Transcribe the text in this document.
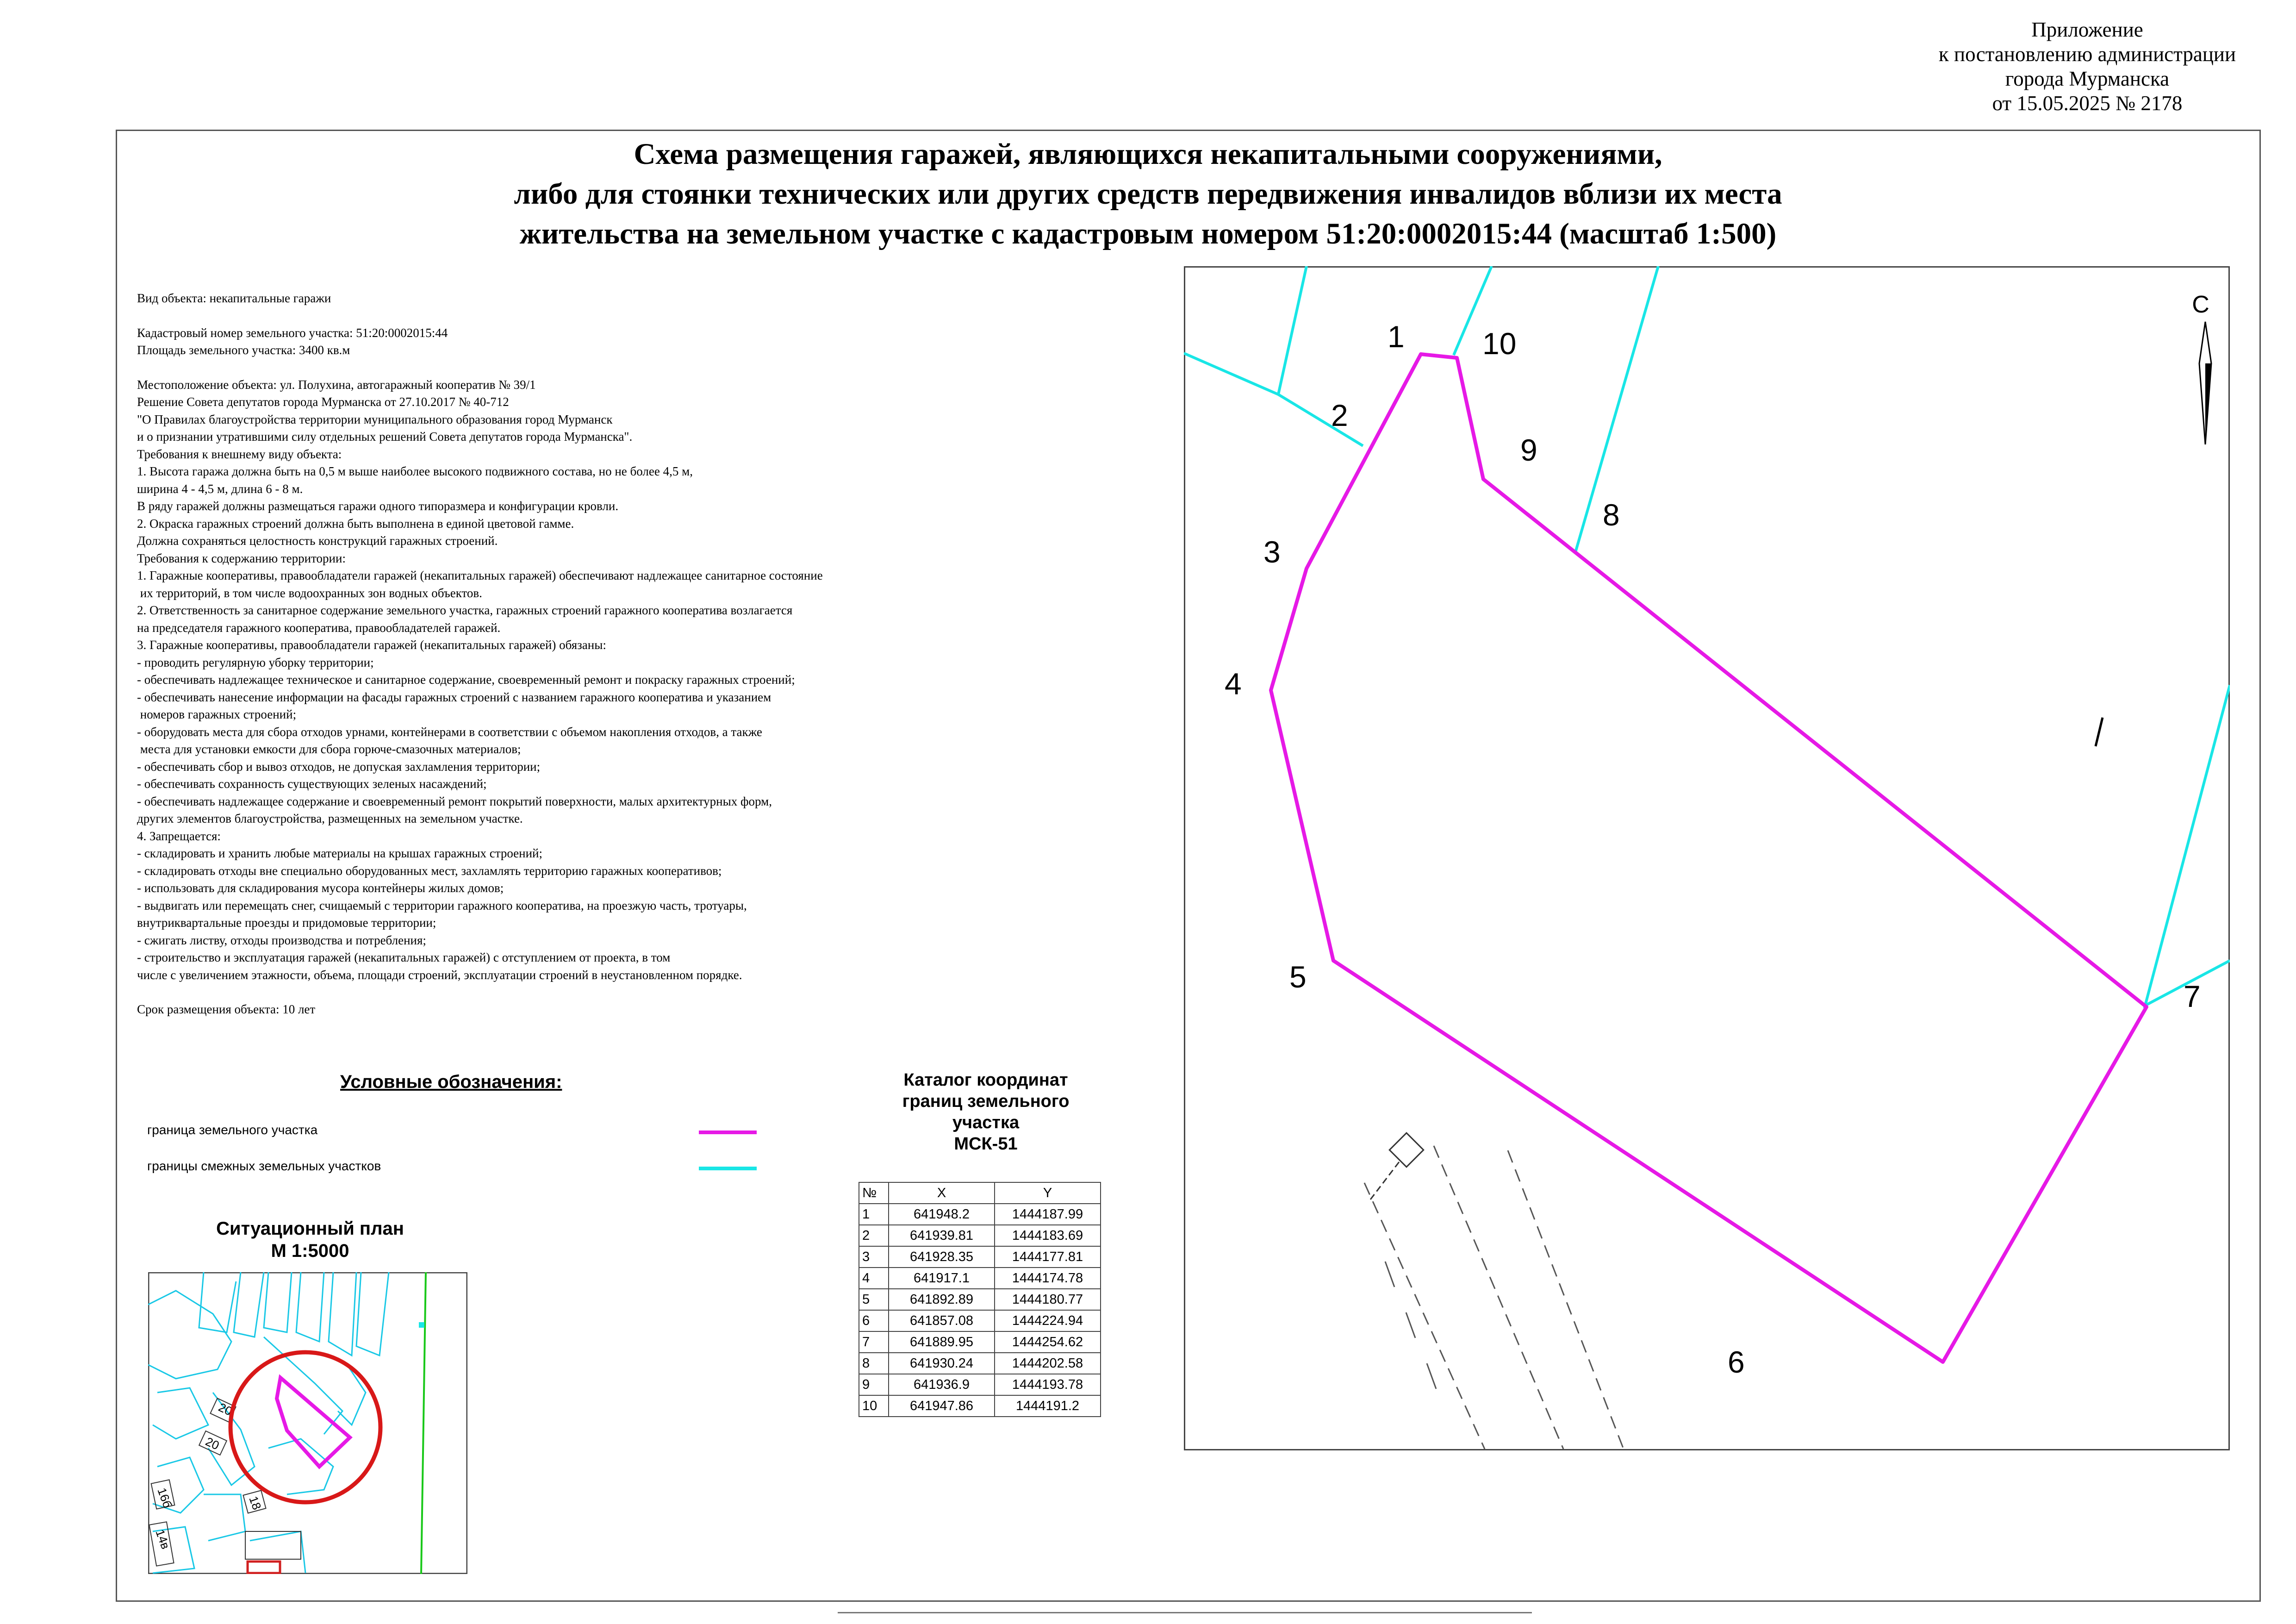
Приложение
к постановлению администрации
города Мурманска
от 15.05.2025 № 2178
Схема размещения гаражей, являющихся некапитальными сооружениями,
либо для стоянки технических или других средств передвижения инвалидов вблизи их места
жительства на земельном участке с кадастровым номером 51:20:0002015:44 (масштаб 1:500)
Вид объекта: некапитальные гаражи
Кадастровый номер земельного участка: 51:20:0002015:44
Площадь земельного участка: 3400 кв.м
Местоположение объекта: ул. Полухина, автогаражный кооператив № 39/1
Решение Совета депутатов города Мурманска от 27.10.2017 № 40-712
"О Правилах благоустройства территории муниципального образования город Мурманск
и о признании утратившими силу отдельных решений Совета депутатов города Мурманска".
Требования к внешнему виду объекта:
1. Высота гаража должна быть на 0,5 м выше наиболее высокого подвижного состава, но не более 4,5 м,
ширина 4 - 4,5 м, длина 6 - 8 м.
В ряду гаражей должны размещаться гаражи одного типоразмера и конфигурации кровли.
2. Окраска гаражных строений должна быть выполнена в единой цветовой гамме.
Должна сохраняться целостность конструкций гаражных строений.
Требования к содержанию территории:
1. Гаражные кооперативы, правообладатели гаражей (некапитальных гаражей) обеспечивают надлежащее санитарное состояние
их территорий, в том числе водоохранных зон водных объектов.
2. Ответственность за санитарное содержание земельного участка, гаражных строений гаражного кооператива возлагается
на председателя гаражного кооператива, правообладателей гаражей.
3. Гаражные кооперативы, правообладатели гаражей (некапитальных гаражей) обязаны:
- проводить регулярную уборку территории;
- обеспечивать надлежащее техническое и санитарное содержание, своевременный ремонт и покраску гаражных строений;
- обеспечивать нанесение информации на фасады гаражных строений с названием гаражного кооператива и указанием
номеров гаражных строений;
- оборудовать места для сбора отходов урнами, контейнерами в соответствии с объемом накопления отходов, а также
места для установки емкости для сбора горюче-смазочных материалов;
- обеспечивать сбор и вывоз отходов, не допуская захламления территории;
- обеспечивать сохранность существующих зеленых насаждений;
- обеспечивать надлежащее содержание и своевременный ремонт покрытий поверхности, малых архитектурных форм,
других элементов благоустройства, размещенных на земельном участке.
4. Запрещается:
- складировать и хранить любые материалы на крышах гаражных строений;
- складировать отходы вне специально оборудованных мест, захламлять территорию гаражных кооперативов;
- использовать для складирования мусора контейнеры жилых домов;
- выдвигать или перемещать снег, счищаемый с территории гаражного кооператива, на проезжую часть, тротуары,
внутриквартальные проезды и придомовые территории;
- сжигать листву, отходы производства и потребления;
- строительство и эксплуатация гаражей (некапитальных гаражей) с отступлением от проекта, в том
числе с увеличением этажности, объема, площади строений, эксплуатации строений в неустановленном порядке.
Срок размещения объекта: 10 лет
Условные обозначения:
граница земельного участка
границы смежных земельных участков
Каталог координат
границ земельного
участка
МСК-51
№	X	Y
1	641948.2	1444187.99
2	641939.81	1444183.69
3	641928.35	1444177.81
4	641917.1	1444174.78
5	641892.89	1444180.77
6	641857.08	1444224.94
7	641889.95	1444254.62
8	641930.24	1444202.58
9	641936.9	1444193.78
10	641947.86	1444191.2
Ситуационный план
М 1:5000
20
20
16б	18
14в
С
1
2
3
4
5
6
7
8
9
10
